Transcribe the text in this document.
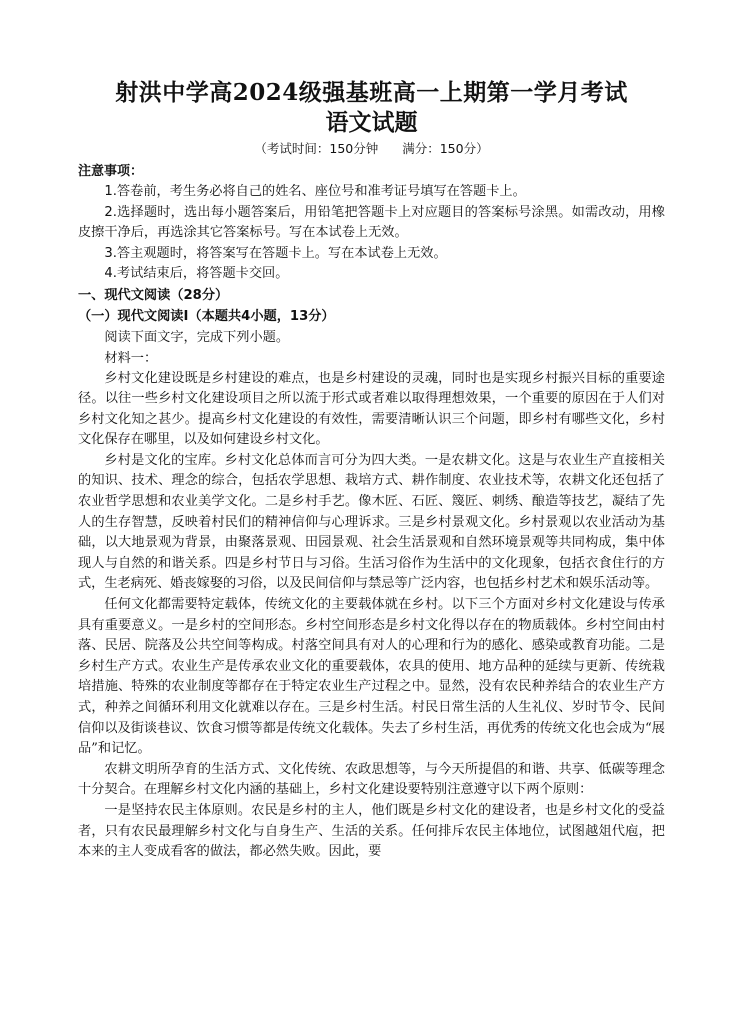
射洪中学高2024级强基班高一上期第一学月考试
语文试题

（考试时间：150分钟 满分：150分）

注意事项：

1.答卷前，考生务必将自己的姓名、座位号和准考证号填写在答题卡上。

2.选择题时，选出每小题答案后，用铅笔把答题卡上对应题目的答案标号涂黑。如需改动，用橡皮擦干净后，再选涂其它答案标号。写在本试卷上无效。

3.答主观题时，将答案写在答题卡上。写在本试卷上无效。

4.考试结束后，将答题卡交回。

一、现代文阅读（28分）

（一）现代文阅读Ⅰ（本题共4小题，13分）

阅读下面文字，完成下列小题。

材料一：

乡村文化建设既是乡村建设的难点，也是乡村建设的灵魂，同时也是实现乡村振兴目标的重要途径。以往一些乡村文化建设项目之所以流于形式或者难以取得理想效果，一个重要的原因在于人们对乡村文化知之甚少。提高乡村文化建设的有效性，需要清晰认识三个问题，即乡村有哪些文化，乡村文化保存在哪里，以及如何建设乡村文化。

乡村是文化的宝库。乡村文化总体而言可分为四大类。一是农耕文化。这是与农业生产直接相关的知识、技术、理念的综合，包括农学思想、栽培方式、耕作制度、农业技术等，农耕文化还包括了农业哲学思想和农业美学文化。二是乡村手艺。像木匠、石匠、篾匠、刺绣、酿造等技艺，凝结了先人的生存智慧，反映着村民们的精神信仰与心理诉求。三是乡村景观文化。乡村景观以农业活动为基础，以大地景观为背景，由聚落景观、田园景观、社会生活景观和自然环境景观等共同构成，集中体现人与自然的和谐关系。四是乡村节日与习俗。生活习俗作为生活中的文化现象，包括衣食住行的方式，生老病死、婚丧嫁娶的习俗，以及民间信仰与禁忌等广泛内容，也包括乡村艺术和娱乐活动等。

任何文化都需要特定载体，传统文化的主要载体就在乡村。以下三个方面对乡村文化建设与传承具有重要意义。一是乡村的空间形态。乡村空间形态是乡村文化得以存在的物质载体。乡村空间由村落、民居、院落及公共空间等构成。村落空间具有对人的心理和行为的感化、感染或教育功能。二是乡村生产方式。农业生产是传承农业文化的重要载体，农具的使用、地方品种的延续与更新、传统栽培措施、特殊的农业制度等都存在于特定农业生产过程之中。显然，没有农民种养结合的农业生产方式，种养之间循环利用文化就难以存在。三是乡村生活。村民日常生活的人生礼仪、岁时节令、民间信仰以及街谈巷议、饮食习惯等都是传统文化载体。失去了乡村生活，再优秀的传统文化也会成为“展品”和记忆。

农耕文明所孕育的生活方式、文化传统、农政思想等，与今天所提倡的和谐、共享、低碳等理念十分契合。在理解乡村文化内涵的基础上，乡村文化建设要特别注意遵守以下两个原则：

一是坚持农民主体原则。农民是乡村的主人，他们既是乡村文化的建设者，也是乡村文化的受益者，只有农民最理解乡村文化与自身生产、生活的关系。任何排斥农民主体地位，试图越俎代庖，把本来的主人变成看客的做法，都必然失败。因此，要
